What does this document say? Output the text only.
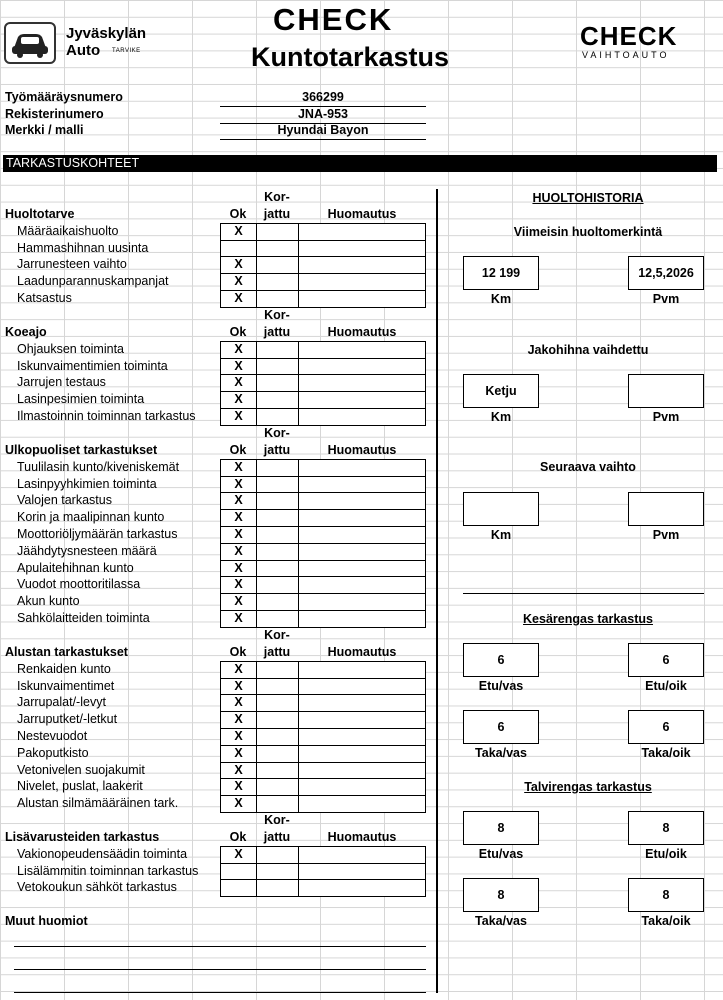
Jyväskylän
Auto TARVIKE
CHECK
Kuntotarkastus
CHECK
VAIHTOAUTO
Työmääräysnumero	366299
Rekisterinumero	JNA-953
Merkki / malli	Hyundai Bayon
TARKASTUSKOHTEET
Kor-
Huoltotarve	Ok	jattu	Huomautus
Määräaikaishuolto	X
Hammashihnan uusinta
Jarrunesteen vaihto	X
Laadunparannuskampanjat	X
Katsastus	X
Kor-
Koeajo	Ok	jattu	Huomautus
Ohjauksen toiminta	X
Iskunvaimentimien toiminta	X
Jarrujen testaus	X
Lasinpesimien toiminta	X
Ilmastoinnin toiminnan tarkastus	X
Kor-
Ulkopuoliset tarkastukset	Ok	jattu	Huomautus
Tuulilasin kunto/kiveniskemät	X
Lasinpyyhkimien toiminta	X
Valojen tarkastus	X
Korin ja maalipinnan kunto	X
Moottoriöljymäärän tarkastus	X
Jäähdytysnesteen määrä	X
Apulaitehihnan kunto	X
Vuodot moottoritilassa	X
Akun kunto	X
Sahkölaitteiden toiminta	X
Kor-
Alustan tarkastukset	Ok	jattu	Huomautus
Renkaiden kunto	X
Iskunvaimentimet	X
Jarrupalat/-levyt	X
Jarruputket/-letkut	X
Nestevuodot	X
Pakoputkisto	X
Vetonivelen suojakumit	X
Nivelet, puslat, laakerit	X
Alustan silmämääräinen tark.	X
Kor-
Lisävarusteiden tarkastus	Ok	jattu	Huomautus
Vakionopeudensäädin toiminta	X
Lisälämmitin toiminnan tarkastus
Vetokoukun sähköt tarkastus
Muut huomiot
HUOLTOHISTORIA
Viimeisin huoltomerkintä
12 199	12,5,2026
Km	Pvm
Jakohihna vaihdettu
Ketju
Km	Pvm
Seuraava vaihto
Km	Pvm
Kesärengas tarkastus
6	6
Etu/vas	Etu/oik
6	6
Taka/vas	Taka/oik
Talvirengas tarkastus
8	8
Etu/vas	Etu/oik
8	8
Taka/vas	Taka/oik
